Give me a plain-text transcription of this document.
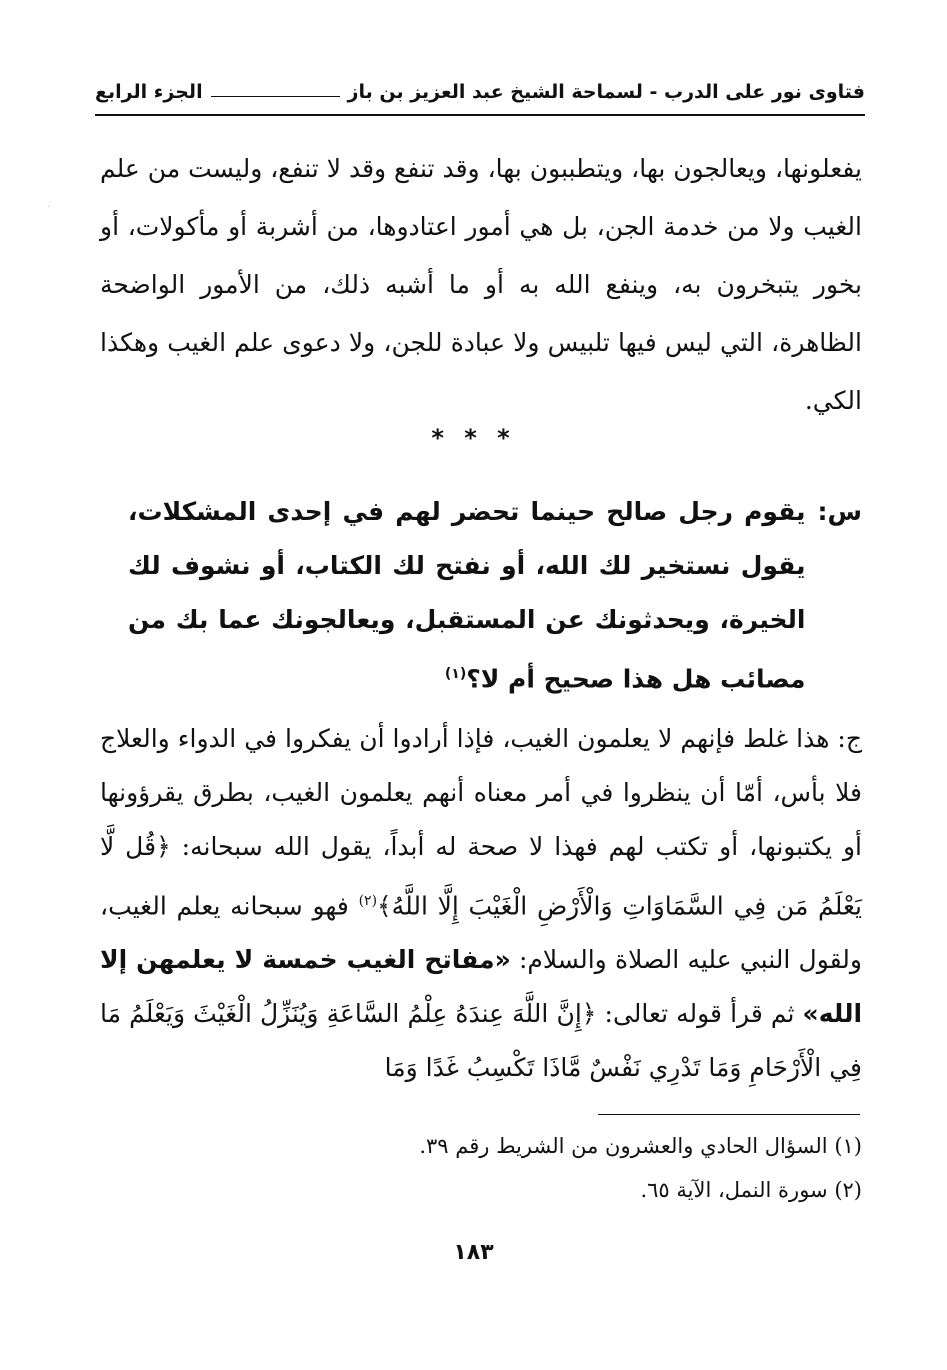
فتاوى نور على الدرب - لسماحة الشيخ عبد العزيز بن باز
الجزء الرابع

يفعلونها، ويعالجون بها، ويتطببون بها، وقد تنفع وقد لا تنفع، وليست من علم الغيب ولا من خدمة الجن، بل هي أمور اعتادوها، من أشربة أو مأكولات، أو بخور يتبخرون به، وينفع الله به أو ما أشبه ذلك، من الأمور الواضحة الظاهرة، التي ليس فيها تلبيس ولا عبادة للجن، ولا دعوى علم الغيب وهكذا الكي.

* * *
س:
يقوم رجل صالح حينما تحضر لهم في إحدى المشكلات، يقول نستخير لك الله، أو نفتح لك الكتاب، أو نشوف لك الخيرة، ويحدثونك عن المستقبل، ويعالجونك عما بك من مصائب هل هذا صحيح أم لا؟$^{(١)}$

ج: هذا غلط فإنهم لا يعلمون الغيب، فإذا أرادوا أن يفكروا في الدواء والعلاج فلا بأس، أمّا أن ينظروا في أمر معناه أنهم يعلمون الغيب، بطرق يقرؤونها أو يكتبونها، أو تكتب لهم فهذا لا صحة له أبداً، يقول الله سبحانه: ﴿قُل لَّا يَعْلَمُ مَن فِي السَّمَاوَاتِ وَالْأَرْضِ الْغَيْبَ إِلَّا اللَّهُ﴾$^{(٢)}$ فهو سبحانه يعلم الغيب، ولقول النبي عليه الصلاة والسلام: «مفاتح الغيب خمسة لا يعلمهن إلا الله» ثم قرأ قوله تعالى: ﴿إِنَّ اللَّهَ عِندَهُ عِلْمُ السَّاعَةِ وَيُنَزِّلُ الْغَيْثَ وَيَعْلَمُ مَا فِي الْأَرْحَامِ وَمَا تَدْرِي نَفْسٌ مَّاذَا تَكْسِبُ غَدًا وَمَا

(١) السؤال الحادي والعشرون من الشريط رقم ٣٩.
(٢) سورة النمل، الآية ٦٥.
١٨٣
